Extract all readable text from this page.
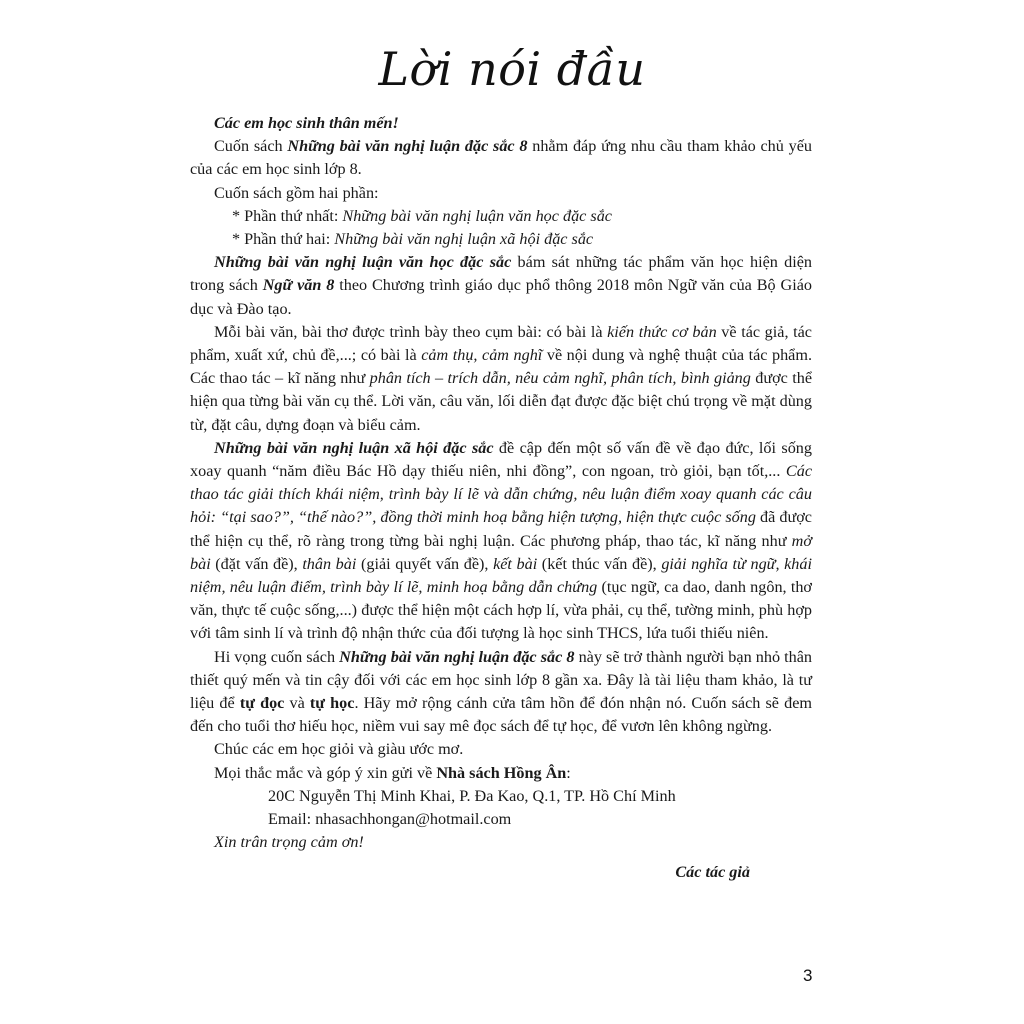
Lời nói đầu

Các em học sinh thân mến!

Cuốn sách Những bài văn nghị luận đặc sắc 8 nhằm đáp ứng nhu cầu tham khảo chủ yếu của các em học sinh lớp 8.

Cuốn sách gồm hai phần:

* Phần thứ nhất: Những bài văn nghị luận văn học đặc sắc

* Phần thứ hai: Những bài văn nghị luận xã hội đặc sắc

Những bài văn nghị luận văn học đặc sắc bám sát những tác phẩm văn học hiện diện trong sách Ngữ văn 8 theo Chương trình giáo dục phổ thông 2018 môn Ngữ văn của Bộ Giáo dục và Đào tạo.

Mỗi bài văn, bài thơ được trình bày theo cụm bài: có bài là kiến thức cơ bản về tác giả, tác phẩm, xuất xứ, chủ đề,...; có bài là cảm thụ, cảm nghĩ về nội dung và nghệ thuật của tác phẩm. Các thao tác – kĩ năng như phân tích – trích dẫn, nêu cảm nghĩ, phân tích, bình giảng được thể hiện qua từng bài văn cụ thể. Lời văn, câu văn, lối diễn đạt được đặc biệt chú trọng về mặt dùng từ, đặt câu, dựng đoạn và biểu cảm.

Những bài văn nghị luận xã hội đặc sắc đề cập đến một số vấn đề về đạo đức, lối sống xoay quanh “năm điều Bác Hồ dạy thiếu niên, nhi đồng”, con ngoan, trò giỏi, bạn tốt,... Các thao tác giải thích khái niệm, trình bày lí lẽ và dẫn chứng, nêu luận điểm xoay quanh các câu hỏi: “tại sao?”, “thế nào?”, đồng thời minh hoạ bằng hiện tượng, hiện thực cuộc sống đã được thể hiện cụ thể, rõ ràng trong từng bài nghị luận. Các phương pháp, thao tác, kĩ năng như mở bài (đặt vấn đề), thân bài (giải quyết vấn đề), kết bài (kết thúc vấn đề), giải nghĩa từ ngữ, khái niệm, nêu luận điểm, trình bày lí lẽ, minh hoạ bằng dẫn chứng (tục ngữ, ca dao, danh ngôn, thơ văn, thực tế cuộc sống,...) được thể hiện một cách hợp lí, vừa phải, cụ thể, tường minh, phù hợp với tâm sinh lí và trình độ nhận thức của đối tượng là học sinh THCS, lứa tuổi thiếu niên.

Hi vọng cuốn sách Những bài văn nghị luận đặc sắc 8 này sẽ trở thành người bạn nhỏ thân thiết quý mến và tin cậy đối với các em học sinh lớp 8 gần xa. Đây là tài liệu tham khảo, là tư liệu để tự đọc và tự học. Hãy mở rộng cánh cửa tâm hồn để đón nhận nó. Cuốn sách sẽ đem đến cho tuổi thơ hiếu học, niềm vui say mê đọc sách để tự học, để vươn lên không ngừng.

Chúc các em học giỏi và giàu ước mơ.

Mọi thắc mắc và góp ý xin gửi về Nhà sách Hồng Ân:

20C Nguyễn Thị Minh Khai, P. Đa Kao, Q.1, TP. Hồ Chí Minh

Email: nhasachhongan@hotmail.com

Xin trân trọng cảm ơn!

Các tác giả

3
